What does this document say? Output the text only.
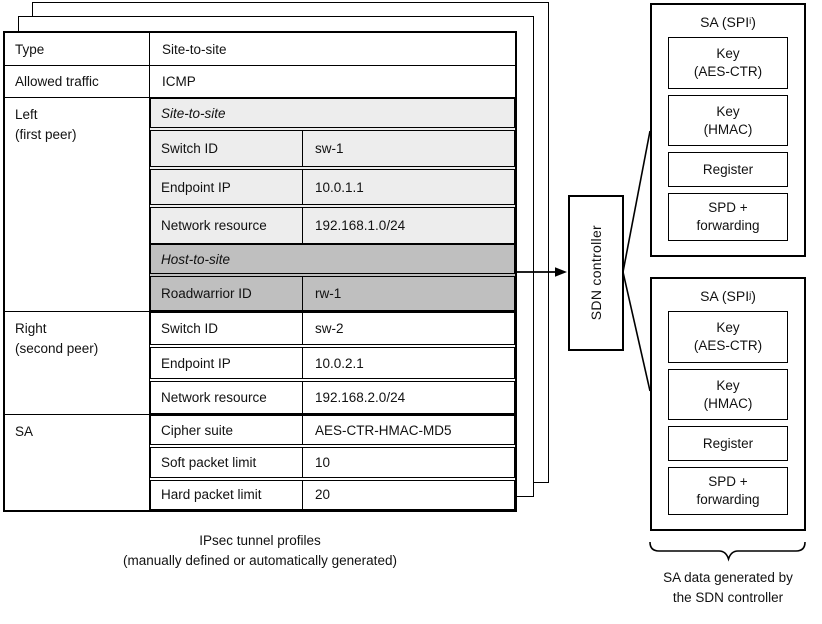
Type	Site-to-site
Allowed traffic	ICMP
Left
(first peer)
Site-to-site
Switch ID	sw-1
Endpoint IP	10.0.1.1
Network resource	192.168.1.0/24
Host-to-site
Roadwarrior ID	rw-1
Right
(second peer)
Switch ID	sw-2
Endpoint IP	10.0.2.1
Network resource	192.168.2.0/24
SA	Cipher suite	AES-CTR-HMAC-MD5
Soft packet limit	10
Hard packet limit	20
SDN controller
SA (SPI i )
Key
(AES-CTR)
Key
(HMAC)
Register
SPD +
forwarding
SA (SPI j )
Key
(AES-CTR)
Key
(HMAC)
Register
SPD +
forwarding
IPsec tunnel profiles
(manually defined or automatically generated)
SA data generated by
the SDN controller
